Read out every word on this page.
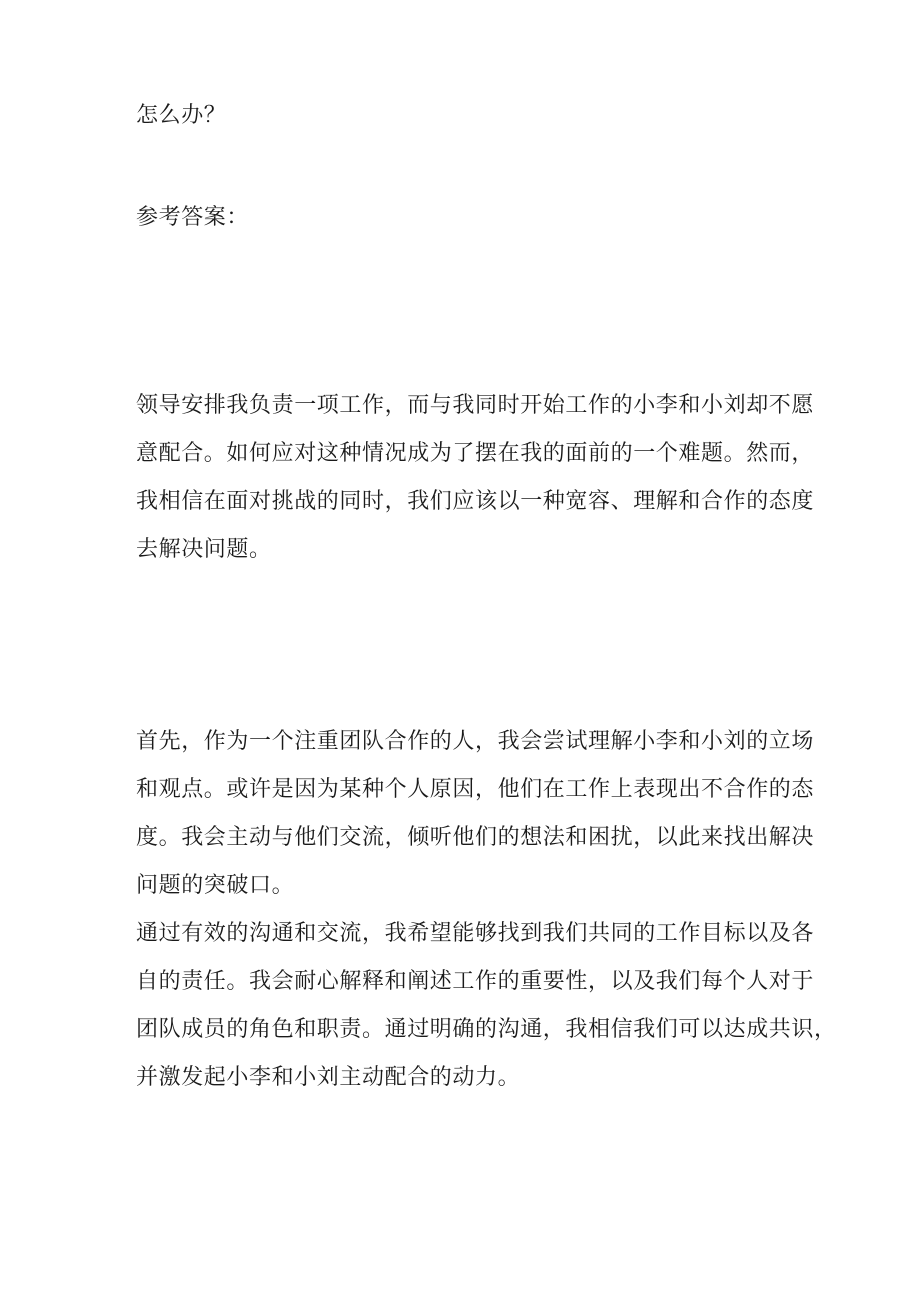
怎么办？
参考答案：
领导安排我负责一项工作，而与我同时开始工作的小李和小刘却不愿
意配合。如何应对这种情况成为了摆在我的面前的一个难题。然而，
我相信在面对挑战的同时，我们应该以一种宽容、理解和合作的态度
去解决问题。
首先，作为一个注重团队合作的人，我会尝试理解小李和小刘的立场
和观点。或许是因为某种个人原因，他们在工作上表现出不合作的态
度。我会主动与他们交流，倾听他们的想法和困扰，以此来找出解决
问题的突破口。
通过有效的沟通和交流，我希望能够找到我们共同的工作目标以及各
自的责任。我会耐心解释和阐述工作的重要性，以及我们每个人对于
团队成员的角色和职责。通过明确的沟通，我相信我们可以达成共识，
并激发起小李和小刘主动配合的动力。
